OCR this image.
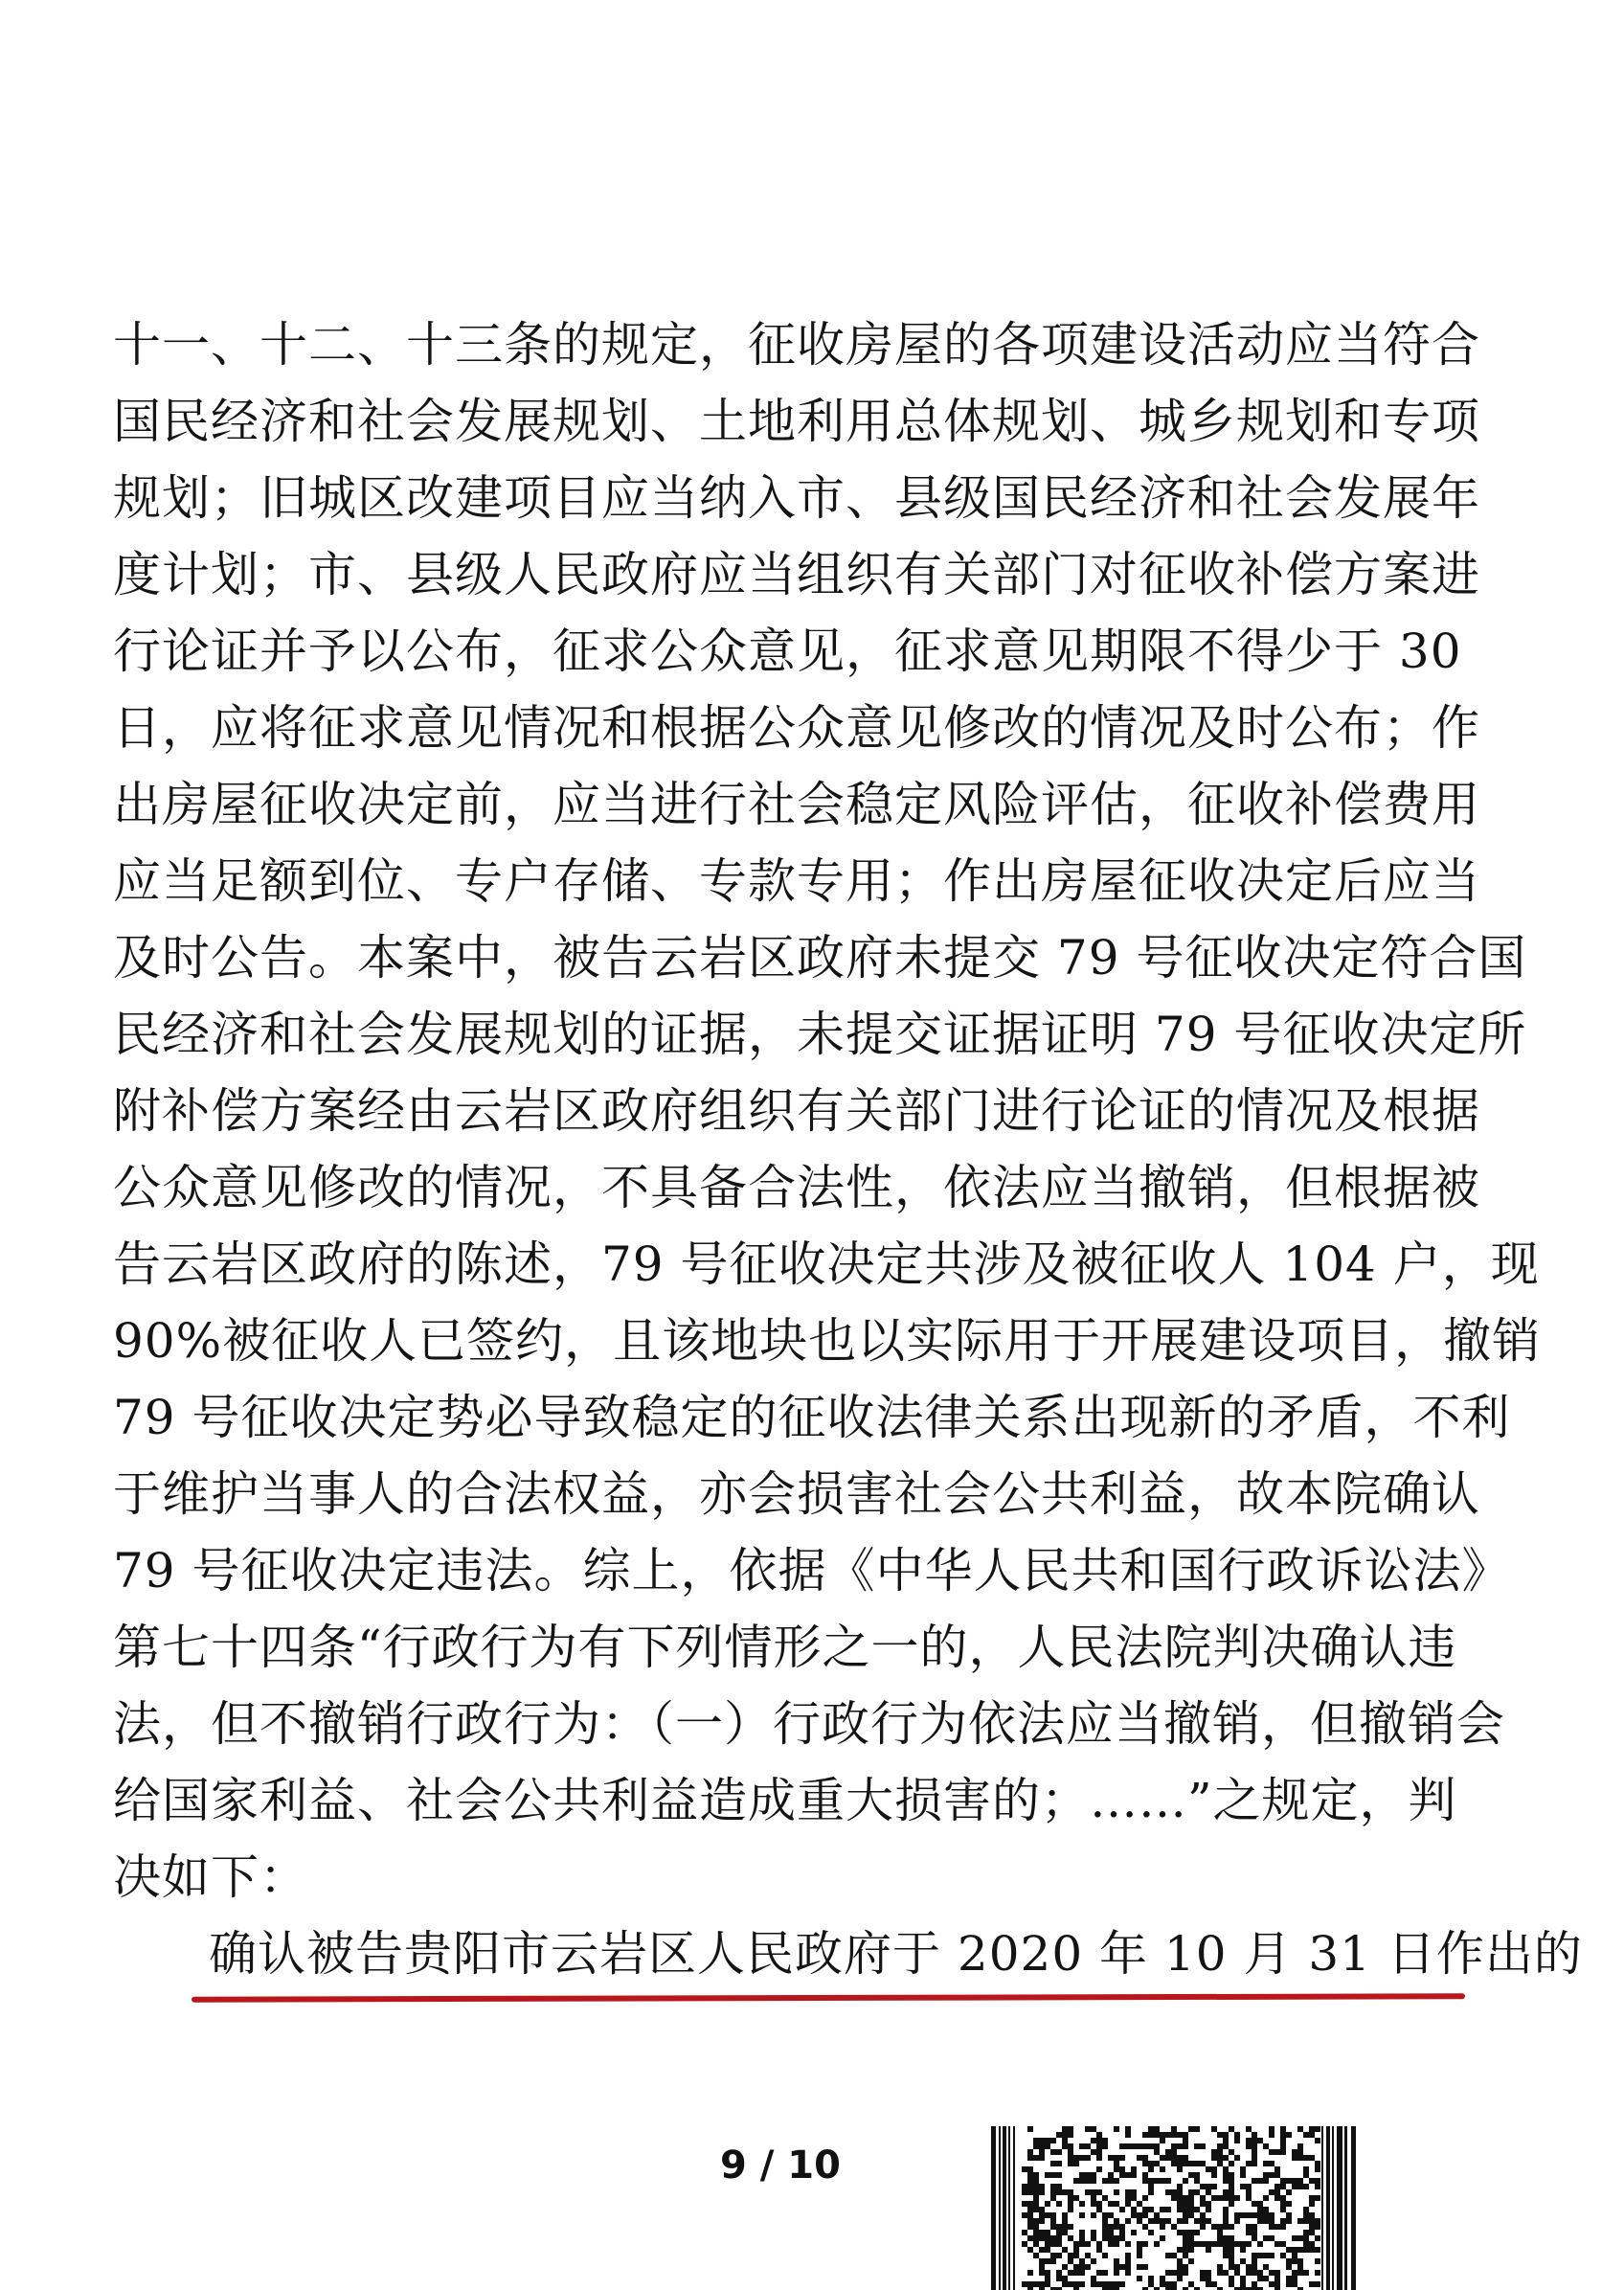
十一、十二、十三条的规定，征收房屋的各项建设活动应当符合
国民经济和社会发展规划、土地利用总体规划、城乡规划和专项
规划；旧城区改建项目应当纳入市、县级国民经济和社会发展年
度计划；市、县级人民政府应当组织有关部门对征收补偿方案进
行论证并予以公布，征求公众意见，征求意见期限不得少于 30
日，应将征求意见情况和根据公众意见修改的情况及时公布；作
出房屋征收决定前，应当进行社会稳定风险评估，征收补偿费用
应当足额到位、专户存储、专款专用；作出房屋征收决定后应当
及时公告。本案中，被告云岩区政府未提交 79 号征收决定符合国
民经济和社会发展规划的证据，未提交证据证明 79 号征收决定所
附补偿方案经由云岩区政府组织有关部门进行论证的情况及根据
公众意见修改的情况，不具备合法性，依法应当撤销，但根据被
告云岩区政府的陈述，79 号征收决定共涉及被征收人 104 户，现
90%被征收人已签约，且该地块也以实际用于开展建设项目，撤销
79 号征收决定势必导致稳定的征收法律关系出现新的矛盾，不利
于维护当事人的合法权益，亦会损害社会公共利益，故本院确认
79 号征收决定违法。综上，依据《中华人民共和国行政诉讼法》
第七十四条“行政行为有下列情形之一的，人民法院判决确认违
法，但不撤销行政行为：（一）行政行为依法应当撤销，但撤销会
给国家利益、社会公共利益造成重大损害的；……”之规定，判
决如下：
确认被告贵阳市云岩区人民政府于 2020 年 10 月 31 日作出的
9 / 10
